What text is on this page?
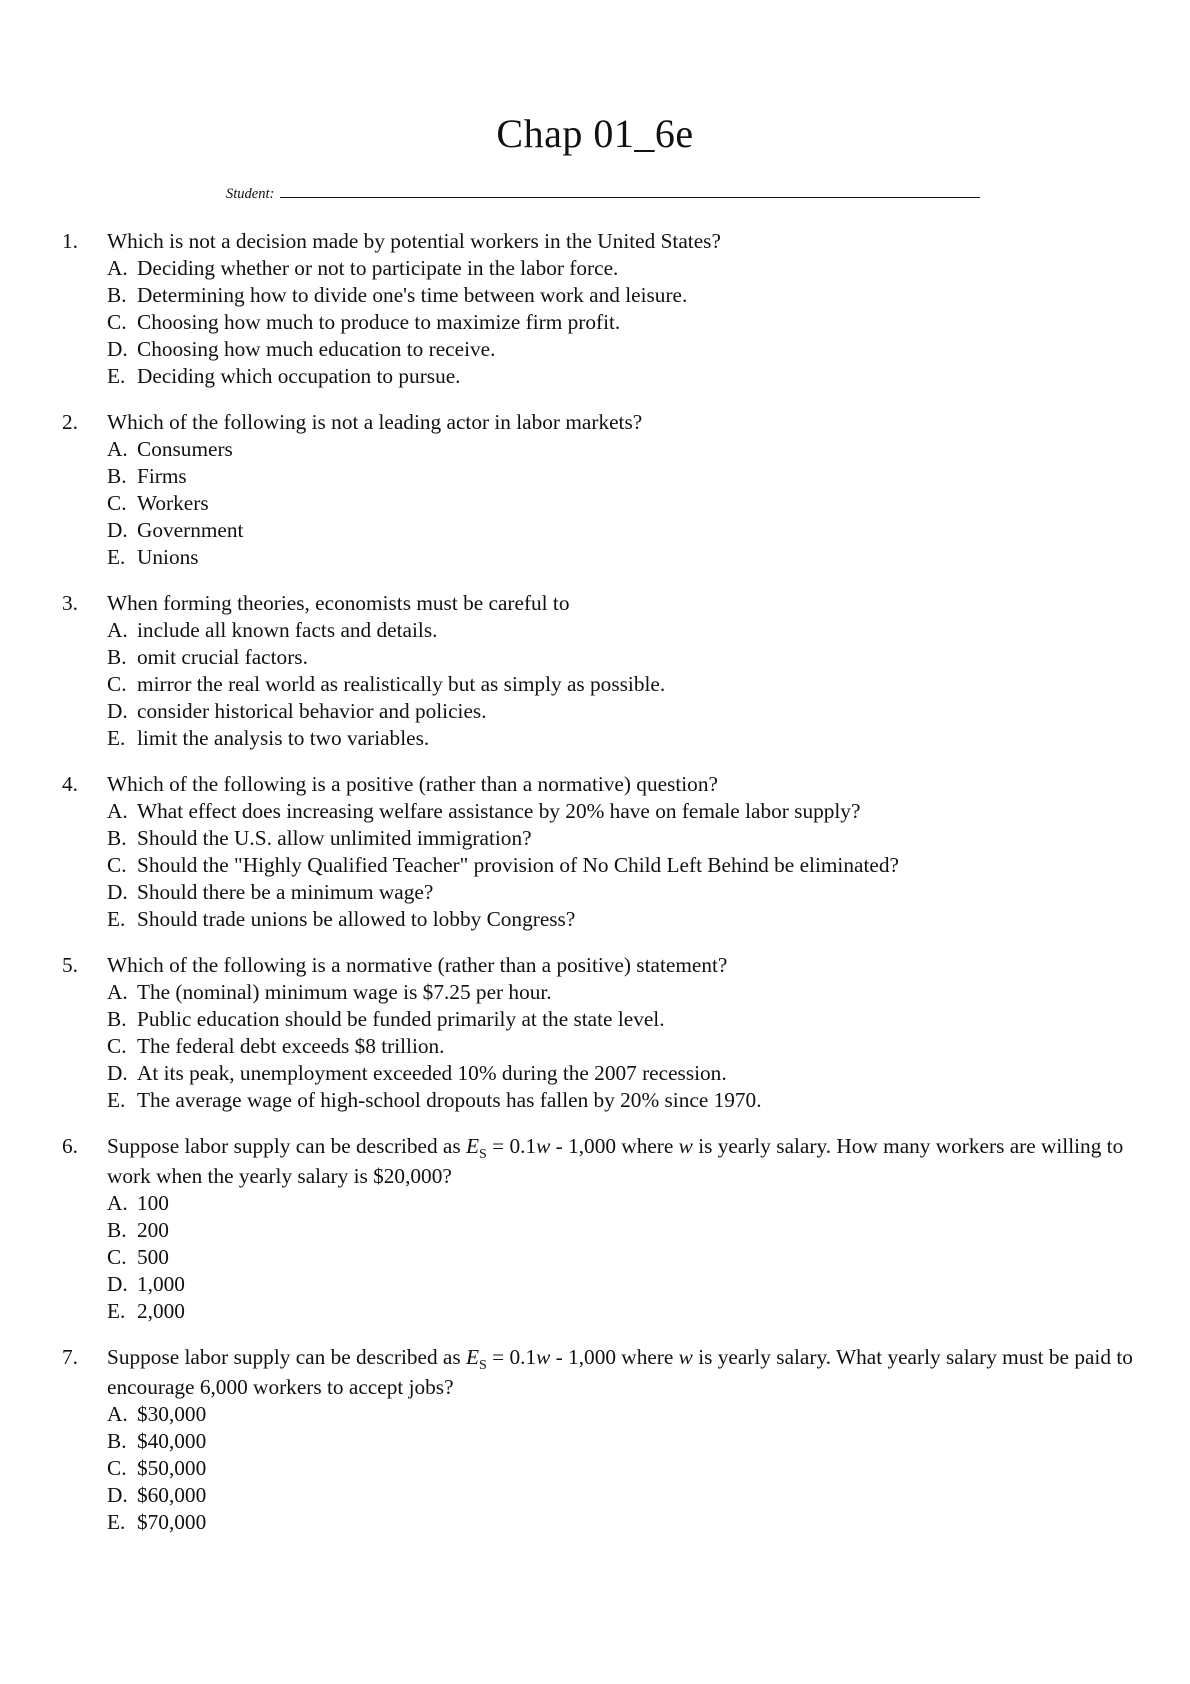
Chap 01_6e
Student:
1.	Which is not a decision made by potential workers in the United States?
A. Deciding whether or not to participate in the labor force.
B. Determining how to divide one's time between work and leisure.
C. Choosing how much to produce to maximize firm profit.
D. Choosing how much education to receive.
E. Deciding which occupation to pursue.
2.	Which of the following is not a leading actor in labor markets?
A. Consumers
B. Firms
C. Workers
D. Government
E. Unions
3.	When forming theories, economists must be careful to
A. include all known facts and details.
B. omit crucial factors.
C. mirror the real world as realistically but as simply as possible.
D. consider historical behavior and policies.
E. limit the analysis to two variables.
4.	Which of the following is a positive (rather than a normative) question?
A. What effect does increasing welfare assistance by 20% have on female labor supply?
B. Should the U.S. allow unlimited immigration?
C. Should the "Highly Qualified Teacher" provision of No Child Left Behind be eliminated?
D. Should there be a minimum wage?
E. Should trade unions be allowed to lobby Congress?
5.	Which of the following is a normative (rather than a positive) statement?
A. The (nominal) minimum wage is $7.25 per hour.
B. Public education should be funded primarily at the state level.
C. The federal debt exceeds $8 trillion.
D. At its peak, unemployment exceeded 10% during the 2007 recession.
E. The average wage of high-school dropouts has fallen by 20% since 1970.
6.	Suppose labor supply can be described as $E_S = 0.1w - 1,000$ where w is yearly salary. How many workers are willing to work when the yearly salary is $20,000?
A. 100
B. 200
C. 500
D. 1,000
E. 2,000
7.	Suppose labor supply can be described as $E_S = 0.1w - 1,000$ where w is yearly salary. What yearly salary must be paid to encourage 6,000 workers to accept jobs?
A. $30,000
B. $40,000
C. $50,000
D. $60,000
E. $70,000
